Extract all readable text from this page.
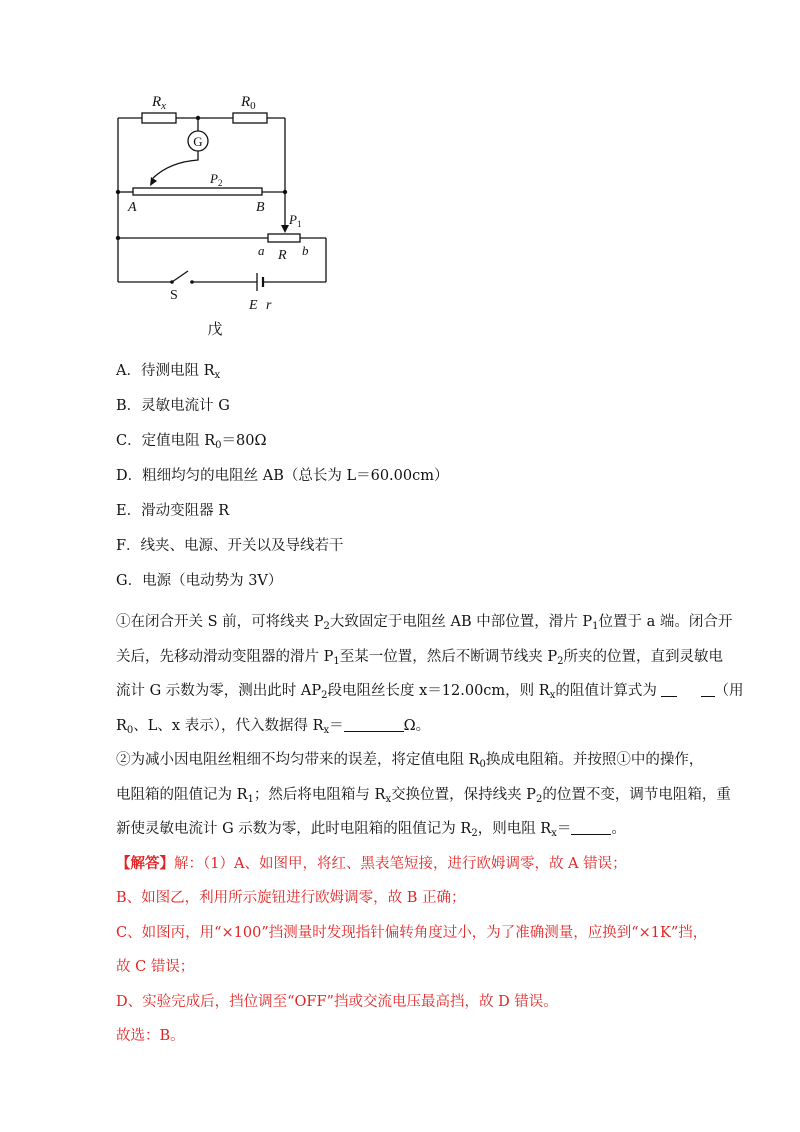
$R_x$	$R_0$
G
$P_2$
A	B
$P_1$
a R b
S
E r
戊
A．待测电阻 $R_x$
B．灵敏电流计 G
C．定值电阻 $R_0=80\Omega$
D．粗细均匀的电阻丝 AB（总长为 L＝60.00cm）
E．滑动变阻器 R
F．线夹、电源、开关以及导线若干
G．电源（电动势为 3V）
①在闭合开关 S 前，可将线夹 $P_2$大致固定于电阻丝 AB 中部位置，滑片 $P_1$位置于 a 端。闭合开
关后，先移动滑动变阻器的滑片 $P_1$至某一位置，然后不断调节线夹 $P_2$所夹的位置，直到灵敏电
流计 G 示数为零，测出此时 $AP_2$段电阻丝长度 x＝12.00cm，则 $R_x$的阻值计算式为	（用
$R_0$、L、x 表示），代入数据得 $R_x=$	Ω。
②为减小因电阻丝粗细不均匀带来的误差，将定值电阻 $R_0$换成电阻箱。并按照①中的操作，
电阻箱的阻值记为 $R_1$；然后将电阻箱与 $R_x$交换位置，保持线夹 $P_2$的位置不变，调节电阻箱，重
新使灵敏电流计 G 示数为零，此时电阻箱的阻值记为 $R_2$，则电阻 $R_x=$	。
【解答】解：（1）A、如图甲，将红、黑表笔短接，进行欧姆调零，故 A 错误；
B、如图乙，利用所示旋钮进行欧姆调零，故 B 正确；
C、如图丙，用“×100”挡测量时发现指针偏转角度过小，为了准确测量，应换到“×1K”挡，
故 C 错误；
D、实验完成后，挡位调至“OFF”挡或交流电压最高挡，故 D 错误。
故选：B。
